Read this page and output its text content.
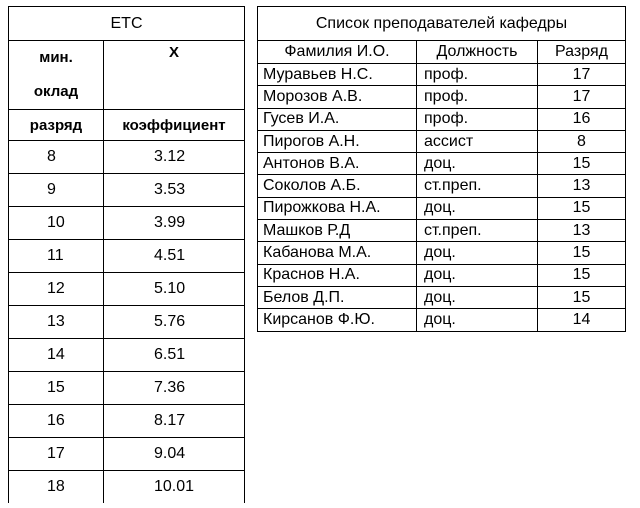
ETC	

мин. оклад	X
разряд	коэффициент
8	3.12
9	3.53
10	3.99
11	4.51
12	5.10
13	5.76
14	6.51
15	7.36
16	8.17
17	9.04
18	10.01
Список преподавателей кафедры		
Фамилия И.О.	Должность	Разряд
Муравьев Н.С.	проф.	17
Морозов А.В.	проф.	17
Гусев И.А.	проф.	16
Пирогов А.Н.	ассист	8
Антонов В.А.	доц.	15
Соколов А.Б.	ст.преп.	13
Пирожкова Н.А.	доц.	15
Машков Р.Д	ст.преп.	13
Кабанова М.А.	доц.	15
Краснов Н.А.	доц.	15
Белов Д.П.	доц.	15
Кирсанов Ф.Ю.	доц.	14
